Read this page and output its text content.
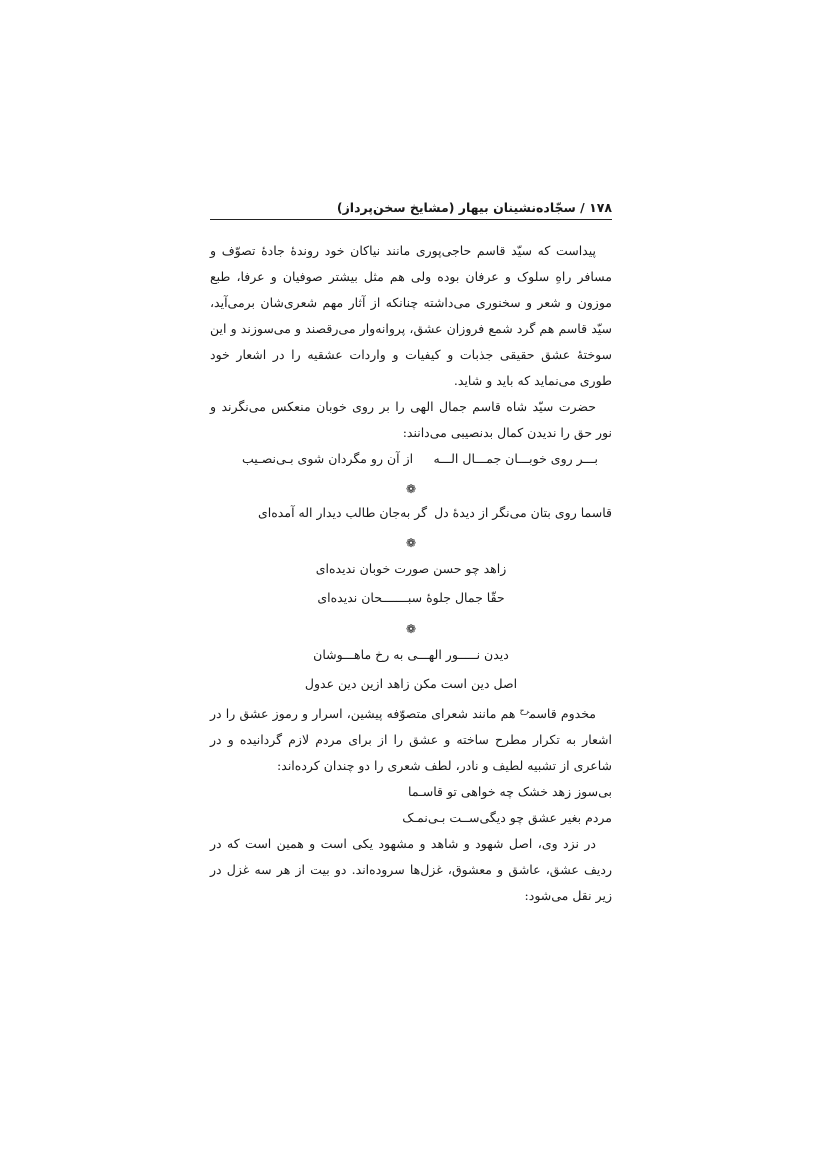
۱۷۸ / سجّاده‌نشینان بیهار (مشایخ سخن‌پرداز)

پیداست که سیّد قاسم حاجی‌پوری مانند نیاکان خود روندهٔ جادهٔ تصوّف و مسافر راهِ سلوک و عرفان بوده ولی هم مثل بیشتر صوفیان و عرفا، طبع موزون و شعر و سخنوری می‌داشته چنانکه از آثار مهم شعری‌شان برمی‌آید، سیّد قاسم هم گرد شمع فروزان عشق، پروانه‌وار می‌رقصند و می‌سوزند و این سوختهٔ عشق حقیقی جذبات و کیفیات و واردات عشقیه را در اشعار خود طوری می‌نماید که باید و شاید.

حضرت سیّد شاه قاسم جمال الهی را بر روی خوبان منعکس می‌نگرند و نور حق را ندیدن کمال بدنصیبی می‌دانند:

بـــر روی خوبـــان جمـــال الـــه
از آن رو مگردان شوی بـی‌نصـیب
❁
قاسما روی بتان می‌نگر از دیدهٔ دل
گر به‌جان طالب دیدار اله آمده‌ای
❁
زاهد چو حسن صورت خوبان ندیده‌ای
حقّا جمال جلوهٔ سبـــــــحان ندیده‌ای
❁
دیدن نـــــور الهـــی به رخ ماهـــوشان
اصل دین است مکن زاهد ازین دین عدول

مخدوم قاسم$^{رح}$ هم مانند شعرای متصوّفه پیشین، اسرار و رموز عشق را در اشعار به تکرار مطرح ساخته و عشق را از برای مردم لازم گردانیده و در شاعری از تشبیه لطیف و نادر، لطف شعری را دو چندان کرده‌اند:

بی‌سوز زهد خشک چه خواهی تو قاسـما
مردم بغیر عشق چو دیگی‌ســت بـی‌نمـک

در نزد وی، اصل شهود و شاهد و مشهود یکی است و همین است که در ردیف عشق، عاشق و معشوق، غزل‌ها سروده‌اند. دو بیت از هر سه غزل در زیر نقل می‌شود:
